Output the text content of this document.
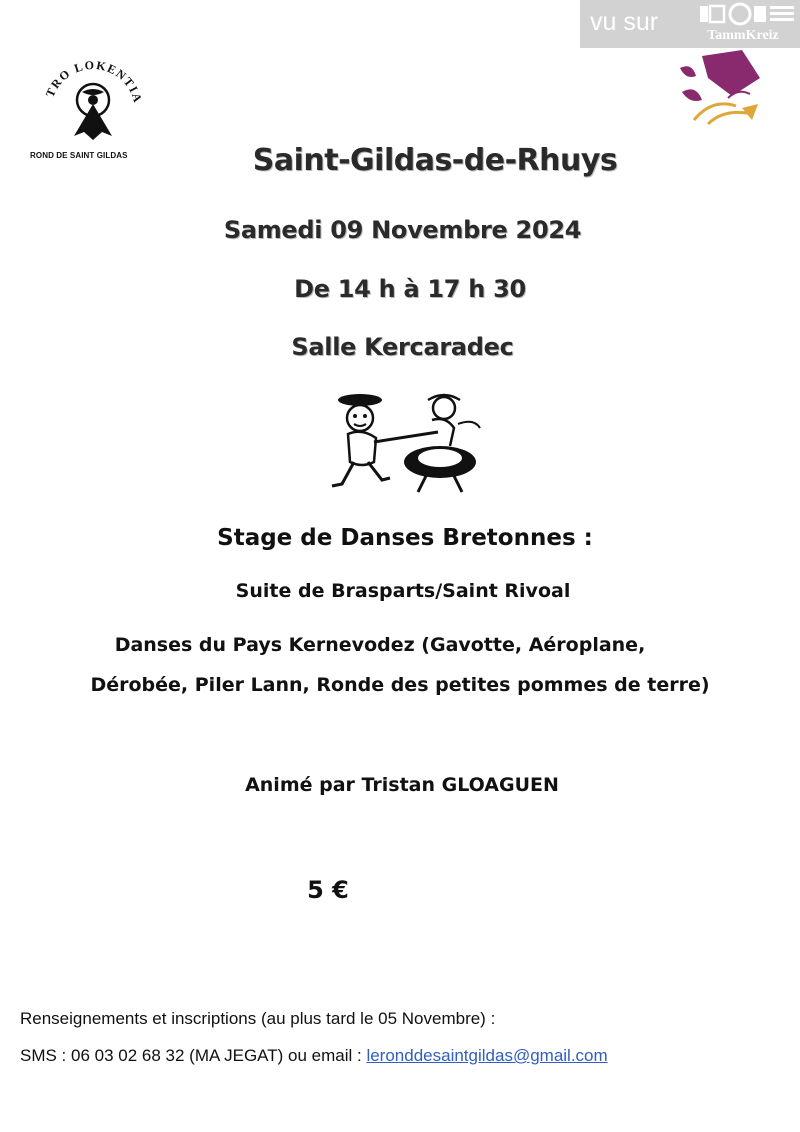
TRO LOKENTIA
ROND DE SAINT GILDAS
vu sur	TammKreiz
Saint-Gildas-de-Rhuys
Samedi 09 Novembre 2024
De 14 h à 17 h 30
Salle Kercaradec
Stage de Danses Bretonnes :
Suite de Brasparts/Saint Rivoal
Danses du Pays Kernevodez (Gavotte, Aéroplane,
Dérobée, Piler Lann, Ronde des petites pommes de terre)
Animé par Tristan GLOAGUEN
5 €
Renseignements et inscriptions (au plus tard le 05 Novembre) :
SMS : 06 03 02 68 32 (MA JEGAT) ou email : leronddesaintgildas@gmail.com
